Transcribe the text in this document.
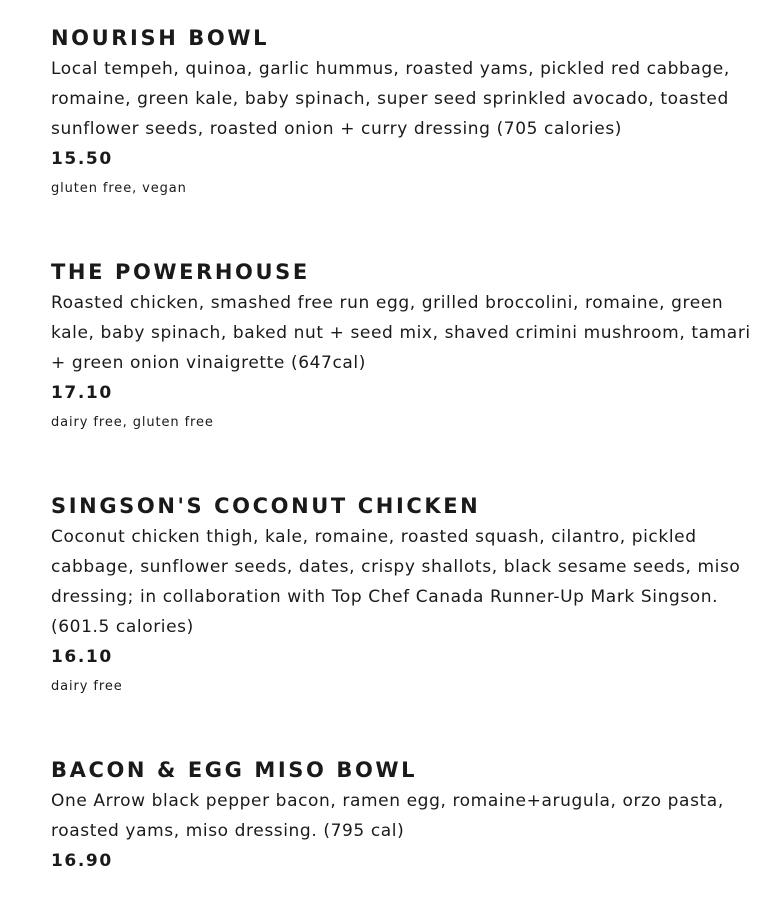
NOURISH BOWL
Local tempeh, quinoa, garlic hummus, roasted yams, pickled red cabbage,
romaine, green kale, baby spinach, super seed sprinkled avocado, toasted
sunflower seeds, roasted onion + curry dressing (705 calories)
15.50
gluten free, vegan
THE POWERHOUSE
Roasted chicken, smashed free run egg, grilled broccolini, romaine, green
kale, baby spinach, baked nut + seed mix, shaved crimini mushroom, tamari
+ green onion vinaigrette (647cal)
17.10
dairy free, gluten free
SINGSON'S COCONUT CHICKEN
Coconut chicken thigh, kale, romaine, roasted squash, cilantro, pickled
cabbage, sunflower seeds, dates, crispy shallots, black sesame seeds, miso
dressing; in collaboration with Top Chef Canada Runner-Up Mark Singson.
(601.5 calories)
16.10
dairy free
BACON & EGG MISO BOWL
One Arrow black pepper bacon, ramen egg, romaine+arugula, orzo pasta,
roasted yams, miso dressing. (795 cal)
16.90
